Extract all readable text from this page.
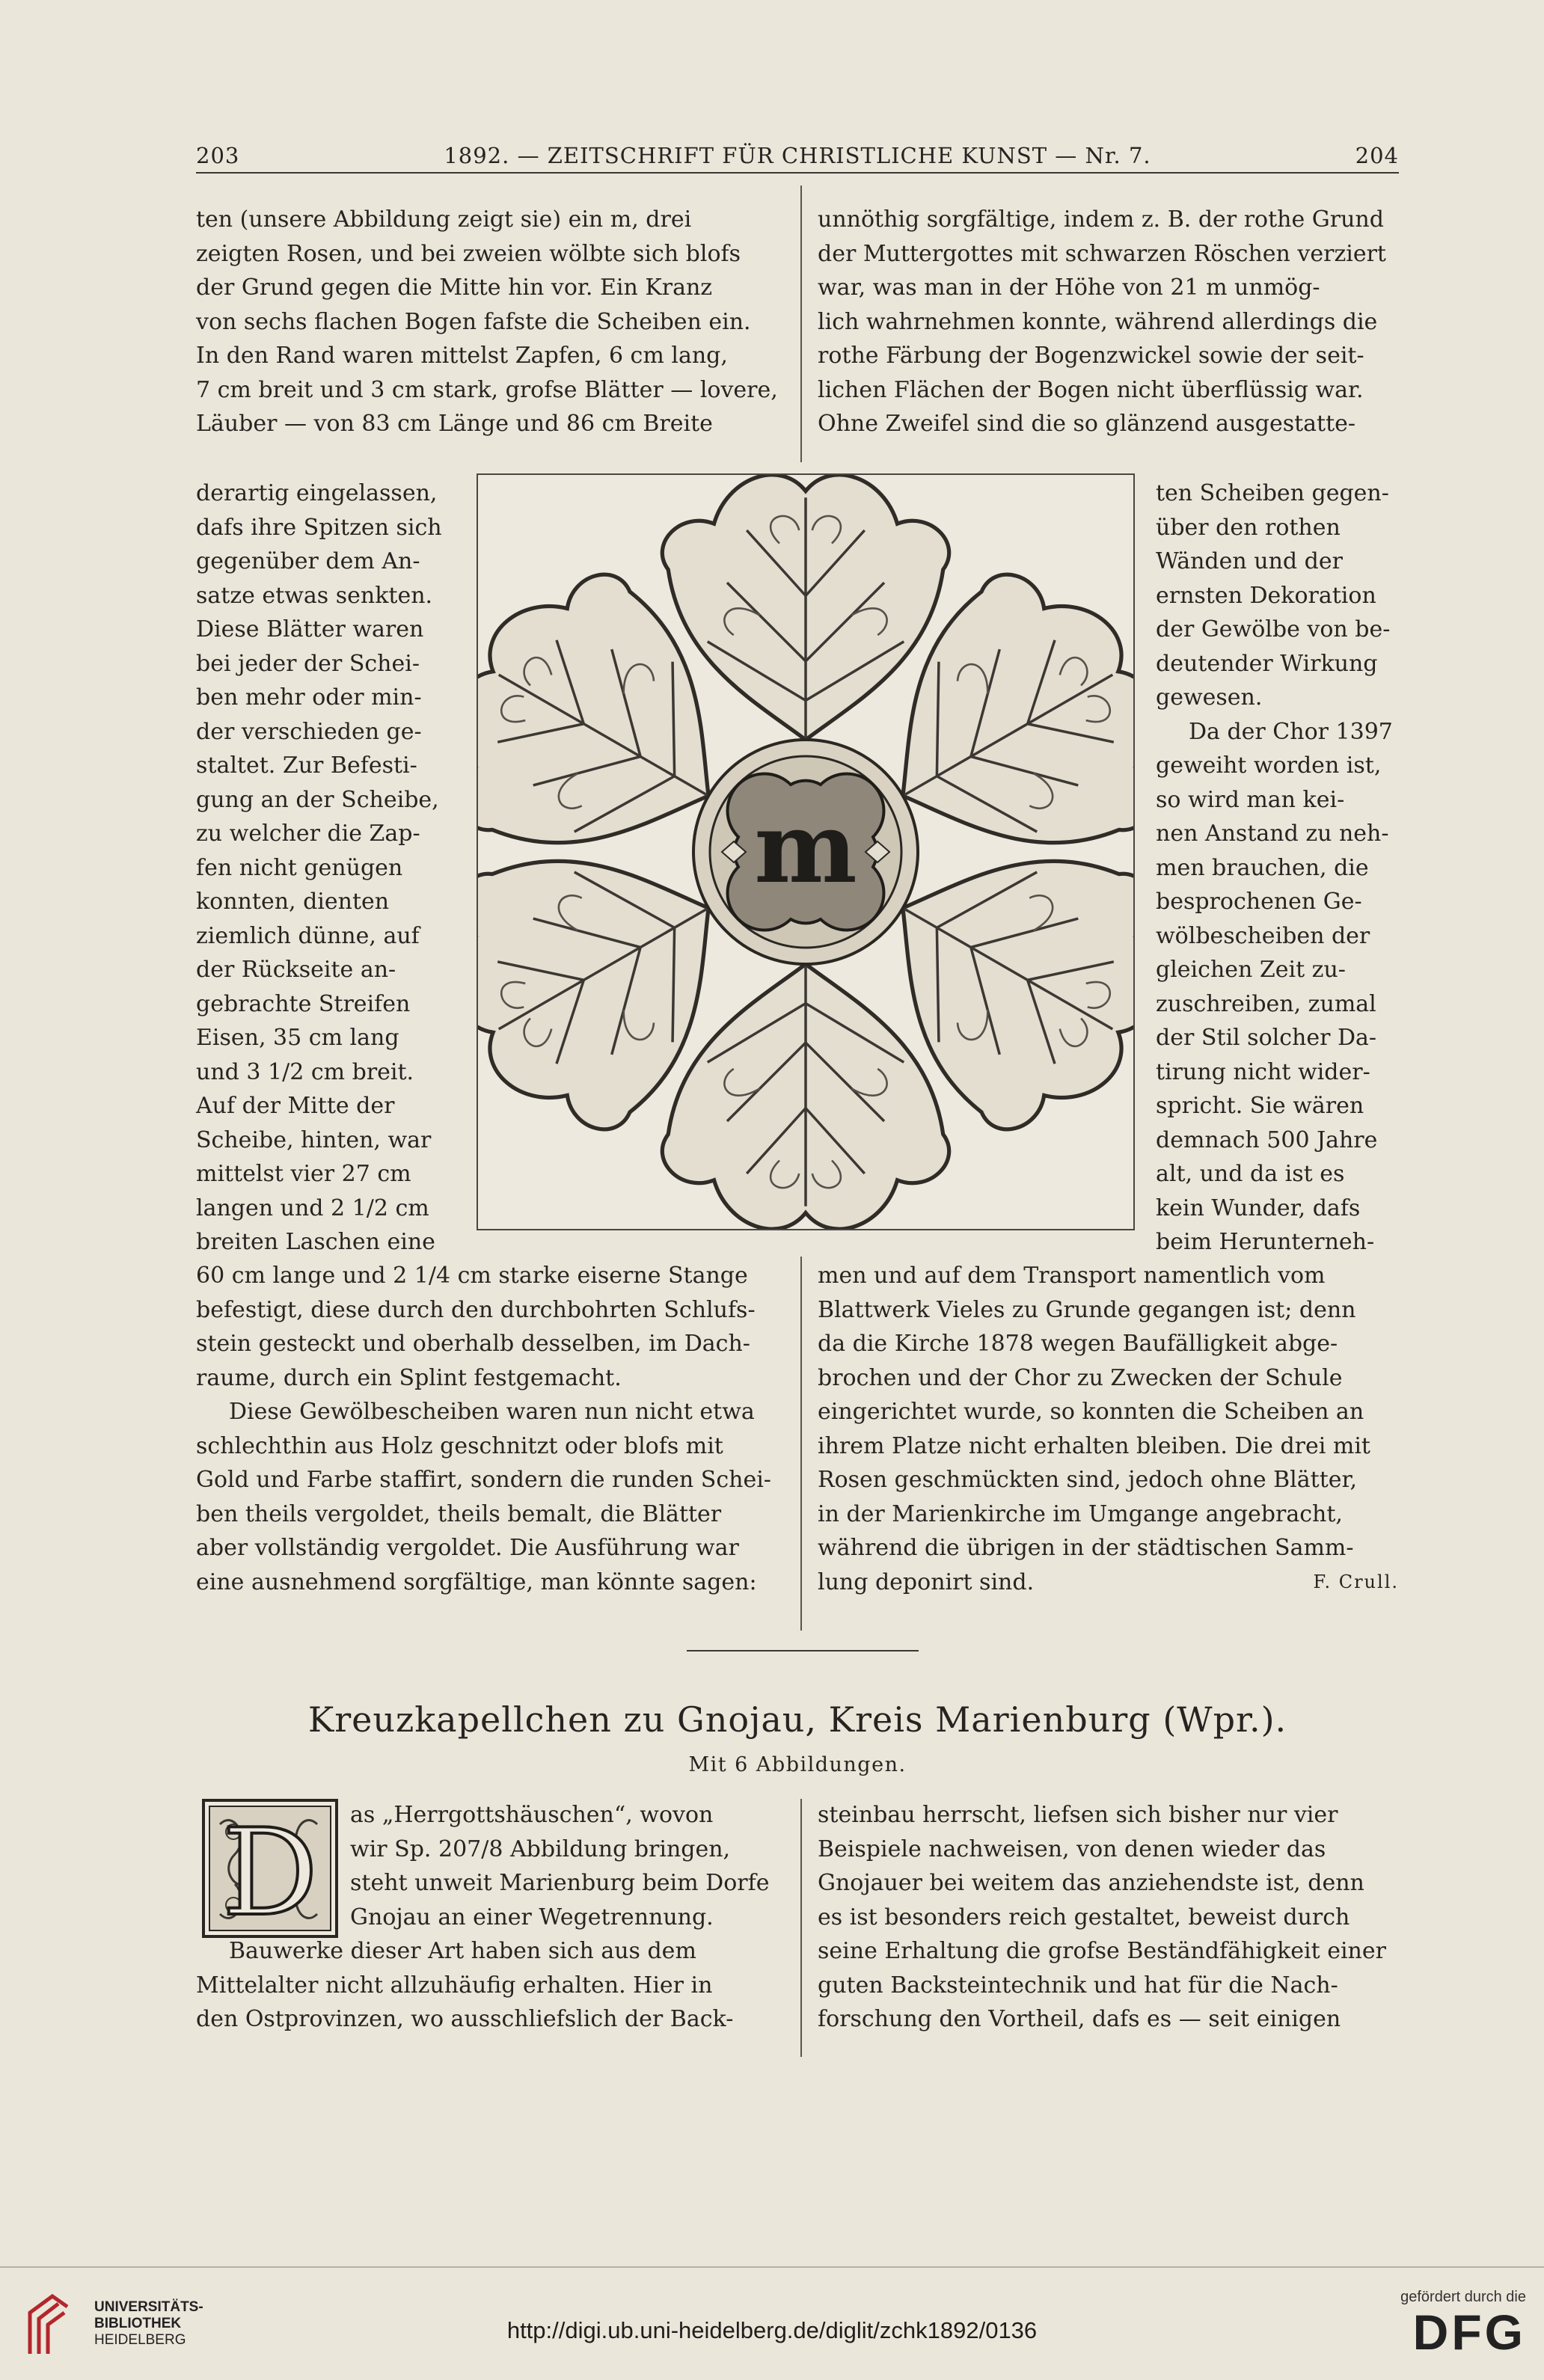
203	1892. — ZEITSCHRIFT FÜR CHRISTLICHE KUNST — Nr. 7.	204

ten (unsere Abbildung zeigt sie) ein m, drei

zeigten Rosen, und bei zweien wölbte sich blofs

der Grund gegen die Mitte hin vor. Ein Kranz

von sechs flachen Bogen fafste die Scheiben ein.

In den Rand waren mittelst Zapfen, 6 cm lang,

7 cm breit und 3 cm stark, grofse Blätter — lovere,

Läuber — von 83 cm Länge und 86 cm Breite

unnöthig sorgfältige, indem z. B. der rothe Grund

der Muttergottes mit schwarzen Röschen verziert

war, was man in der Höhe von 21 m unmög-

lich wahrnehmen konnte, während allerdings die

rothe Färbung der Bogenzwickel sowie der seit-

lichen Flächen der Bogen nicht überflüssig war.

Ohne Zweifel sind die so glänzend ausgestatte-

derartig eingelassen,

dafs ihre Spitzen sich

gegenüber dem An-

satze etwas senkten.

Diese Blätter waren

bei jeder der Schei-

ben mehr oder min-

der verschieden ge-

staltet. Zur Befesti-

gung an der Scheibe,

zu welcher die Zap-

fen nicht genügen

konnten, dienten

ziemlich dünne, auf

der Rückseite an-

gebrachte Streifen

Eisen, 35 cm lang

und 3 1/2 cm breit.

Auf der Mitte der

Scheibe, hinten, war

mittelst vier 27 cm

langen und 2 1/2 cm

breiten Laschen eine

m

ten Scheiben gegen-

über den rothen

Wänden und der

ernsten Dekoration

der Gewölbe von be-

deutender Wirkung

gewesen.

Da der Chor 1397

geweiht worden ist,

so wird man kei-

nen Anstand zu neh-

men brauchen, die

besprochenen Ge-

wölbescheiben der

gleichen Zeit zu-

zuschreiben, zumal

der Stil solcher Da-

tirung nicht wider-

spricht. Sie wären

demnach 500 Jahre

alt, und da ist es

kein Wunder, dafs

beim Herunterneh-

60 cm lange und 2 1/4 cm starke eiserne Stange

befestigt, diese durch den durchbohrten Schlufs-

stein gesteckt und oberhalb desselben, im Dach-

raume, durch ein Splint festgemacht.

Diese Gewölbescheiben waren nun nicht etwa

schlechthin aus Holz geschnitzt oder blofs mit

Gold und Farbe staffirt, sondern die runden Schei-

ben theils vergoldet, theils bemalt, die Blätter

aber vollständig vergoldet. Die Ausführung war

eine ausnehmend sorgfältige, man könnte sagen:

men und auf dem Transport namentlich vom

Blattwerk Vieles zu Grunde gegangen ist; denn

da die Kirche 1878 wegen Baufälligkeit abge-

brochen und der Chor zu Zwecken der Schule

eingerichtet wurde, so konnten die Scheiben an

ihrem Platze nicht erhalten bleiben. Die drei mit

Rosen geschmückten sind, jedoch ohne Blätter,

in der Marienkirche im Umgange angebracht,

während die übrigen in der städtischen Samm-

lung deponirt sind.	F. Crull.

Kreuzkapellchen zu Gnojau, Kreis Marienburg (Wpr.).
Mit 6 Abbildungen.
D as „Herrgottshäuschen“, wovon

wir Sp. 207/8 Abbildung bringen,

steht unweit Marienburg beim Dorfe

Gnojau an einer Wegetrennung.

Bauwerke dieser Art haben sich aus dem

Mittelalter nicht allzuhäufig erhalten. Hier in

den Ostprovinzen, wo ausschliefslich der Back-

steinbau herrscht, liefsen sich bisher nur vier

Beispiele nachweisen, von denen wieder das

Gnojauer bei weitem das anziehendste ist, denn

es ist besonders reich gestaltet, beweist durch

seine Erhaltung die grofse Beständfähigkeit einer

guten Backsteintechnik und hat für die Nach-

forschung den Vortheil, dafs es — seit einigen

UNIVERSITÄTS-
BIBLIOTHEK
HEIDELBERG	http://digi.ub.uni-heidelberg.de/diglit/zchk1892/0136
gefördert durch die
DFG
